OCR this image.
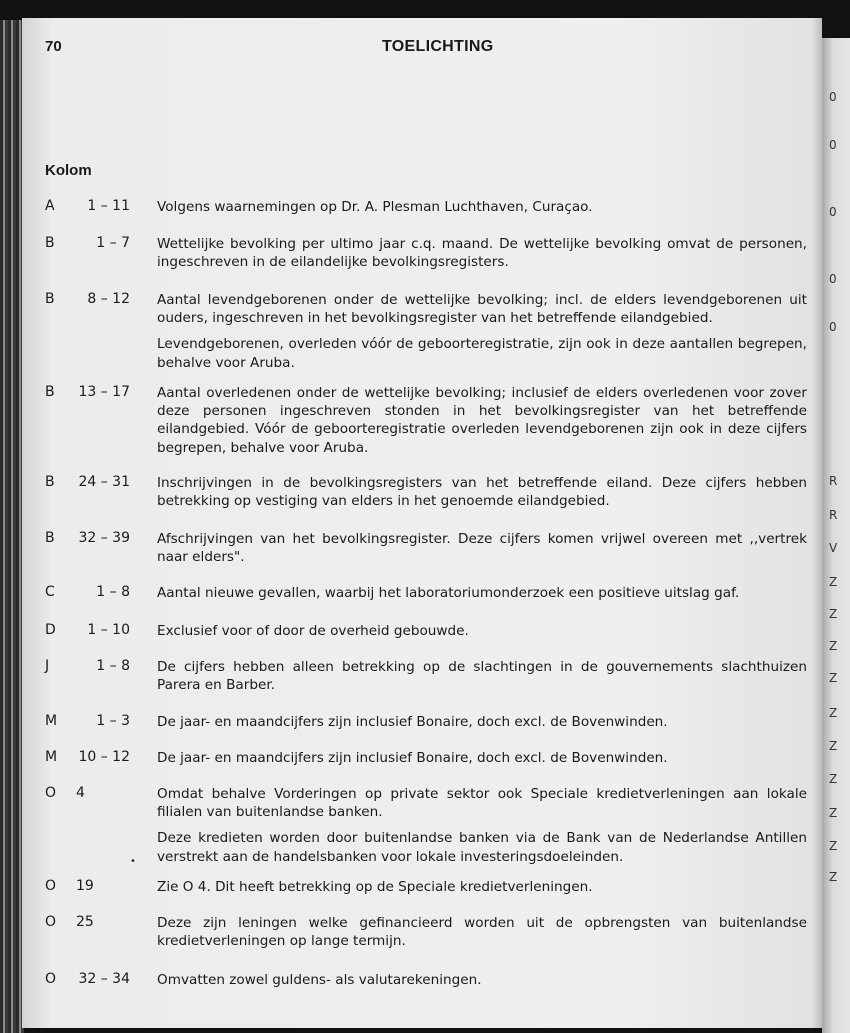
70	TOELICHTING
Kolom
A	1 – 11 Volgens waarnemingen op Dr. A. Plesman Luchthaven, Curaçao.

B	1 – 7 Wettelijke bevolking per ultimo jaar c.q. maand. De wettelijke bevolking omvat de personen, ingeschreven in de eilandelijke bevolkingsregisters.

B	8 – 12 Aantal levendgeborenen onder de wettelijke bevolking; incl. de elders levendgeborenen uit ouders, ingeschreven in het bevolkingsregister van het betreffende eilandgebied.

Levendgeborenen, overleden vóór de geboorteregistratie, zijn ook in deze aantallen begrepen, behalve voor Aruba.

B	13 – 17 Aantal overledenen onder de wettelijke bevolking; inclusief de elders overledenen voor zover deze personen ingeschreven stonden in het bevolkingsregister van het betreffende eilandgebied. Vóór de geboorteregistratie overleden levendgeborenen zijn ook in deze cijfers begrepen, behalve voor Aruba.

B	24 – 31 Inschrijvingen in de bevolkingsregisters van het betreffende eiland. Deze cijfers hebben betrekking op vestiging van elders in het genoemde eilandgebied.

B	32 – 39 Afschrijvingen van het bevolkingsregister. Deze cijfers komen vrijwel overeen met ,,vertrek naar elders".

C	1 – 8 Aantal nieuwe gevallen, waarbij het laboratoriumonderzoek een positieve uitslag gaf.

D	1 – 10 Exclusief voor of door de overheid gebouwde.

J	1 – 8 De cijfers hebben alleen betrekking op de slachtingen in de gouvernements slachthuizen Parera en Barber.

M	1 – 3 De jaar- en maandcijfers zijn inclusief Bonaire, doch excl. de Bovenwinden.

M	10 – 12 De jaar- en maandcijfers zijn inclusief Bonaire, doch excl. de Bovenwinden.

O 4	Omdat behalve Vorderingen op private sektor ook Speciale kredietverleningen aan lokale filialen van buitenlandse banken.

Deze kredieten worden door buitenlandse banken via de Bank van de Nederlandse Antillen verstrekt aan de handelsbanken voor lokale investeringsdoeleinden.

O 19	Zie O 4. Dit heeft betrekking op de Speciale kredietverleningen.

O 25	Deze zijn leningen welke gefinancieerd worden uit de opbrengsten van buitenlandse kredietverleningen op lange termijn.

O	32 – 34 Omvatten zowel guldens- als valutarekeningen.

•
0
0
0
0
0
R
R
V
Z
Z
Z
Z
Z
Z
Z
Z
Z
Z
